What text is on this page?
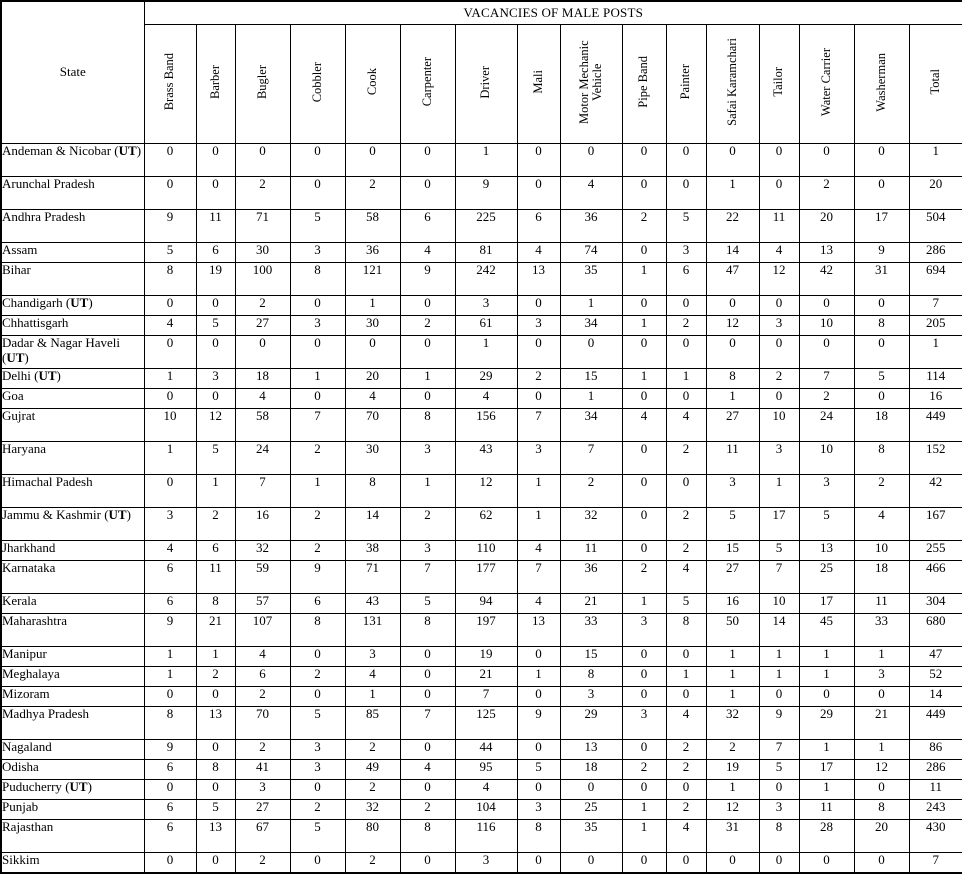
State	VACANCIES OF MALE POSTS															
	Brass Band	Barber	Bugler	Cobbler	Cook	Carpenter	Driver	Mali	Motor Mechanic Vehicle	Pipe Band	Painter	Safai Karamchari	Tailor	Water Carrier	Washerman	Total
Andeman & Nicobar (UT)	0	0	0	0	0	0	1	0	0	0	0	0	0	0	0	1
Arunchal Pradesh	0	0	2	0	2	0	9	0	4	0	0	1	0	2	0	20
Andhra Pradesh	9	11	71	5	58	6	225	6	36	2	5	22	11	20	17	504
Assam	5	6	30	3	36	4	81	4	74	0	3	14	4	13	9	286
Bihar	8	19	100	8	121	9	242	13	35	1	6	47	12	42	31	694
Chandigarh (UT)	0	0	2	0	1	0	3	0	1	0	0	0	0	0	0	7
Chhattisgarh	4	5	27	3	30	2	61	3	34	1	2	12	3	10	8	205
Dadar & Nagar Haveli (UT)	0	0	0	0	0	0	1	0	0	0	0	0	0	0	0	1
Delhi (UT)	1	3	18	1	20	1	29	2	15	1	1	8	2	7	5	114
Goa	0	0	4	0	4	0	4	0	1	0	0	1	0	2	0	16
Gujrat	10	12	58	7	70	8	156	7	34	4	4	27	10	24	18	449
Haryana	1	5	24	2	30	3	43	3	7	0	2	11	3	10	8	152
Himachal Padesh	0	1	7	1	8	1	12	1	2	0	0	3	1	3	2	42
Jammu & Kashmir (UT)	3	2	16	2	14	2	62	1	32	0	2	5	17	5	4	167
Jharkhand	4	6	32	2	38	3	110	4	11	0	2	15	5	13	10	255
Karnataka	6	11	59	9	71	7	177	7	36	2	4	27	7	25	18	466
Kerala	6	8	57	6	43	5	94	4	21	1	5	16	10	17	11	304
Maharashtra	9	21	107	8	131	8	197	13	33	3	8	50	14	45	33	680
Manipur	1	1	4	0	3	0	19	0	15	0	0	1	1	1	1	47
Meghalaya	1	2	6	2	4	0	21	1	8	0	1	1	1	1	3	52
Mizoram	0	0	2	0	1	0	7	0	3	0	0	1	0	0	0	14
Madhya Pradesh	8	13	70	5	85	7	125	9	29	3	4	32	9	29	21	449
Nagaland	9	0	2	3	2	0	44	0	13	0	2	2	7	1	1	86
Odisha	6	8	41	3	49	4	95	5	18	2	2	19	5	17	12	286
Puducherry (UT)	0	0	3	0	2	0	4	0	0	0	0	1	0	1	0	11
Punjab	6	5	27	2	32	2	104	3	25	1	2	12	3	11	8	243
Rajasthan	6	13	67	5	80	8	116	8	35	1	4	31	8	28	20	430
Sikkim	0	0	2	0	2	0	3	0	0	0	0	0	0	0	0	7
